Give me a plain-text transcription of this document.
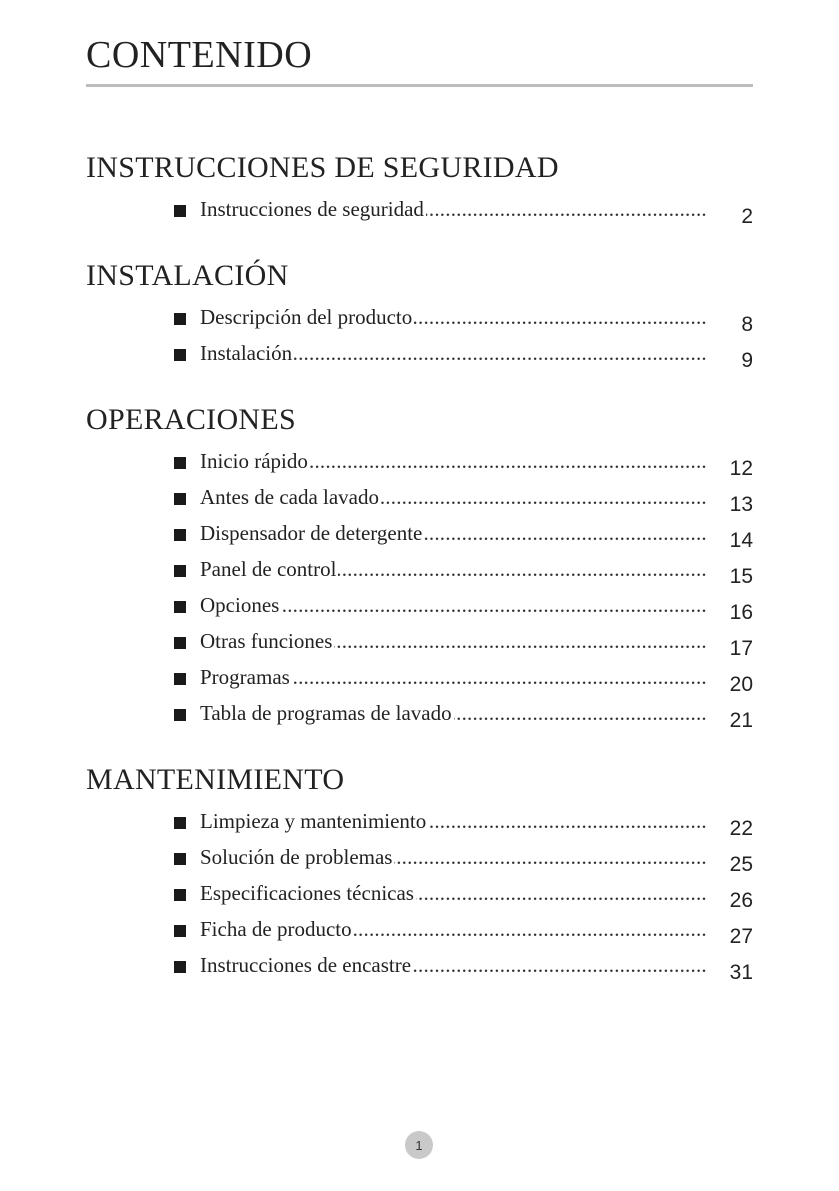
CONTENIDO
INSTRUCCIONES DE SEGURIDAD
.....
Instrucciones de seguridad	2
INSTALACIÓN
.....
Descripción del producto	8
.....
Instalación	9
OPERACIONES
.....
Inicio rápido	12
.....
Antes de cada lavado	13
.....
Dispensador de detergente	14
.....
Panel de control	15
.....
Opciones	16
.....
Otras funciones	17
.....
Programas	20
.....
Tabla de programas de lavado	21
MANTENIMIENTO
.....
Limpieza y mantenimiento	22
.....
Solución de problemas	25
.....
Especificaciones técnicas	26
.....
Ficha de producto	27
.....
Instrucciones de encastre	31
1
